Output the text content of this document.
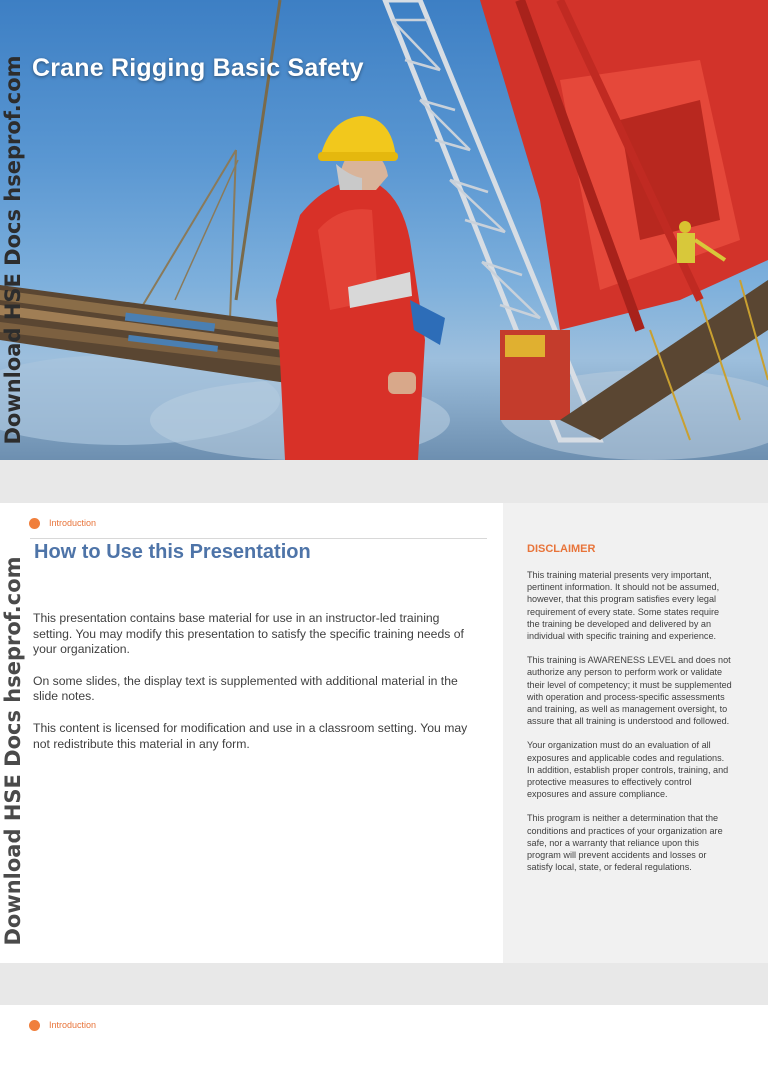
Crane Rigging Basic Safety
Download HSE Docs hseprof.com
Introduction
How to Use this Presentation

This presentation contains base material for use in an instructor-led training setting. You may modify this presentation to satisfy the specific training needs of your organization.

On some slides, the display text is supplemented with additional material in the slide notes.

This content is licensed for modification and use in a classroom setting. You may not redistribute this material in any form.

DISCLAIMER

This training material presents very important, pertinent information. It should not be assumed, however, that this program satisfies every legal requirement of every state. Some states require the training be developed and delivered by an individual with specific training and experience.

This training is AWARENESS LEVEL and does not authorize any person to perform work or validate their level of competency; it must be supplemented with operation and process-specific assessments and training, as well as management oversight, to assure that all training is understood and followed.

Your organization must do an evaluation of all exposures and applicable codes and regulations. In addition, establish proper controls, training, and protective measures to effectively control exposures and assure compliance.

This program is neither a determination that the conditions and practices of your organization are safe, nor a warranty that reliance upon this program will prevent accidents and losses or satisfy local, state, or federal regulations.

Download HSE Docs hseprof.com
Introduction
